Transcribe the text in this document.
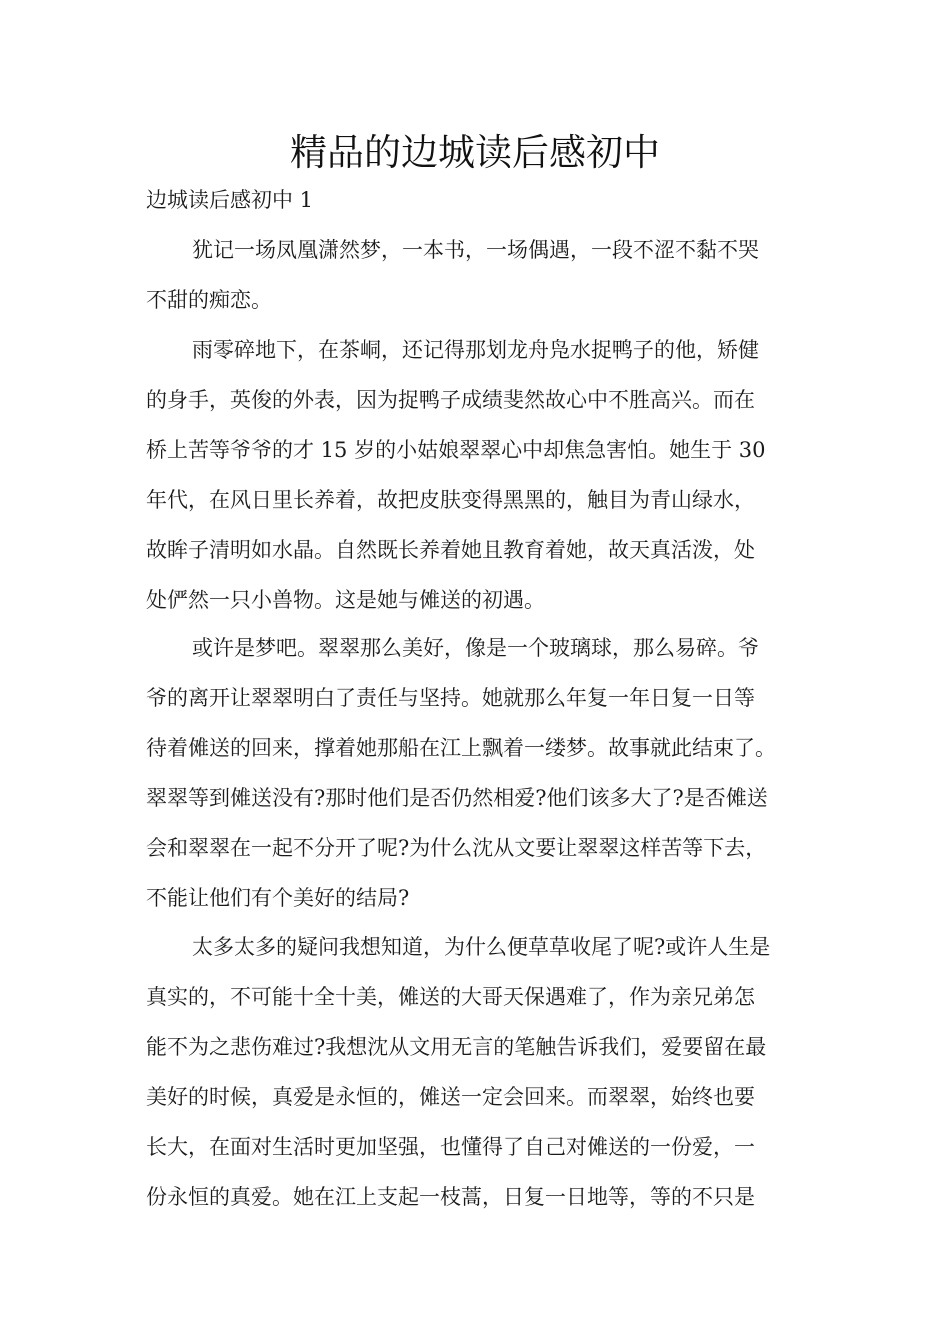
精品的边城读后感初中
边城读后感初中 1
犹记一场凤凰潇然梦，一本书，一场偶遇，一段不涩不黏不哭
不甜的痴恋。
雨零碎地下，在茶峒，还记得那划龙舟凫水捉鸭子的他，矫健
的身手，英俊的外表，因为捉鸭子成绩斐然故心中不胜高兴。而在
桥上苦等爷爷的才 15 岁的小姑娘翠翠心中却焦急害怕。她生于 30
年代，在风日里长养着，故把皮肤变得黑黑的，触目为青山绿水，
故眸子清明如水晶。自然既长养着她且教育着她，故天真活泼，处
处俨然一只小兽物。这是她与傩送的初遇。
或许是梦吧。翠翠那么美好，像是一个玻璃球，那么易碎。爷
爷的离开让翠翠明白了责任与坚持。她就那么年复一年日复一日等
待着傩送的回来，撑着她那船在江上飘着一缕梦。故事就此结束了。
翠翠等到傩送没有?那时他们是否仍然相爱?他们该多大了?是否傩送
会和翠翠在一起不分开了呢?为什么沈从文要让翠翠这样苦等下去，
不能让他们有个美好的结局?
太多太多的疑问我想知道，为什么便草草收尾了呢?或许人生是
真实的，不可能十全十美，傩送的大哥天保遇难了，作为亲兄弟怎
能不为之悲伤难过?我想沈从文用无言的笔触告诉我们，爱要留在最
美好的时候，真爱是永恒的，傩送一定会回来。而翠翠，始终也要
长大，在面对生活时更加坚强，也懂得了自己对傩送的一份爱，一
份永恒的真爱。她在江上支起一枝蒿，日复一日地等，等的不只是
